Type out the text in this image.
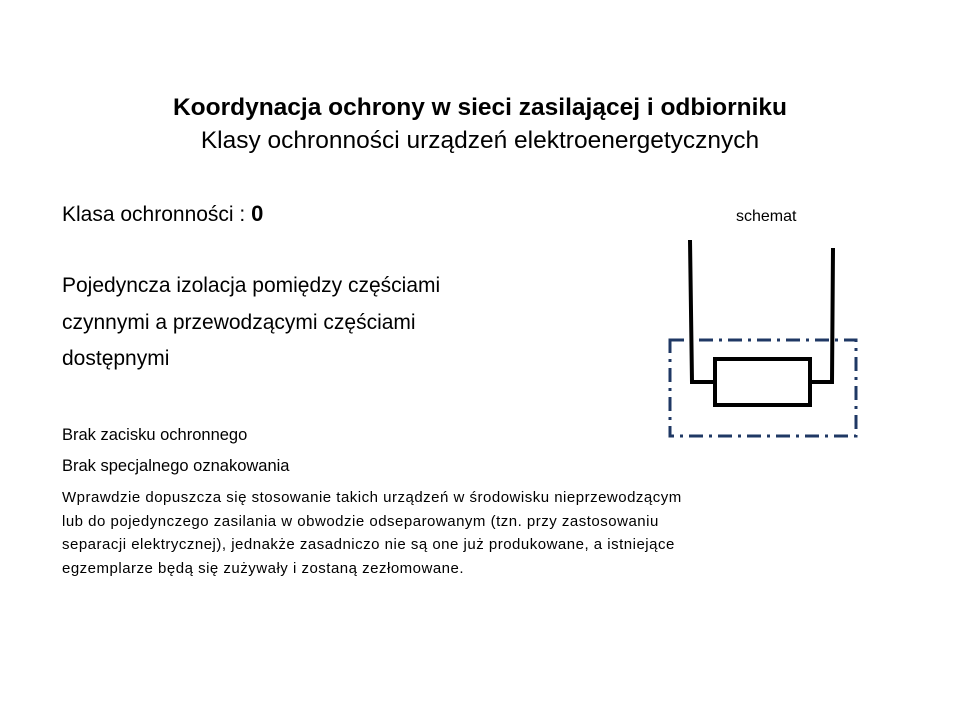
Koordynacja ochrony w sieci zasilającej i odbiorniku
Klasy ochronności urządzeń elektroenergetycznych
Klasa ochronności : 0	schemat
Pojedyncza izolacja pomiędzy częściami
czynnymi a przewodzącymi częściami
dostępnymi
Brak zacisku ochronnego
Brak specjalnego oznakowania
Wprawdzie dopuszcza się stosowanie takich urządzeń w środowisku nieprzewodzącym
lub do pojedynczego zasilania w obwodzie odseparowanym (tzn. przy zastosowaniu
separacji elektrycznej), jednakże zasadniczo nie są one już produkowane, a istniejące
egzemplarze będą się zużywały i zostaną zezłomowane.
